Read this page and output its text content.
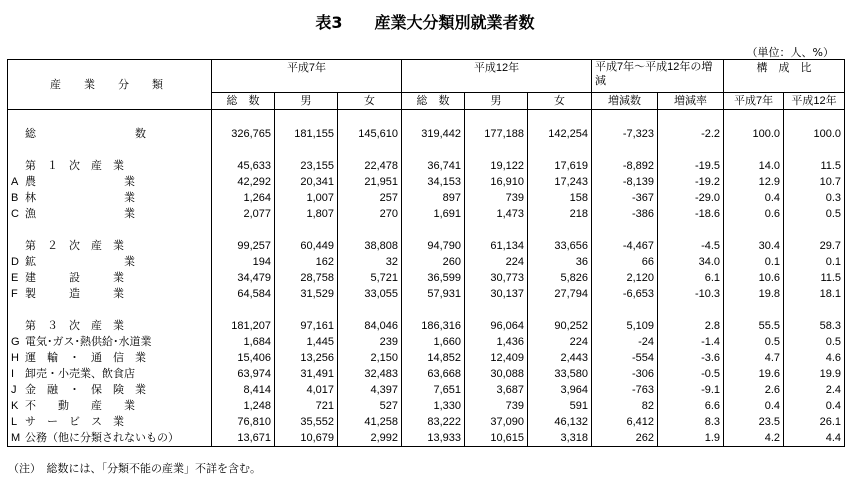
表3　　産業大分類別就業者数
（単位：人、%）
産　業　分　類	平成7年			平成12年			平成7年〜平成12年の増減		構　成　比	
	総　数	男	女	総　数	男	女	増減数	増減率	平成7年	平成12年

総　　　　　　　　　数	326,765	181,155	145,610	319,442	177,188	142,254	-7,323	-2.2	100.0	100.0

第　１　次　産　業	45,633	23,155	22,478	36,741	19,122	17,619	-8,892	-19.5	14.0	11.5
A 農　　　　　　　　業	42,292	20,341	21,951	34,153	16,910	17,243	-8,139	-19.2	12.9	10.7
B 林　　　　　　　　業	1,264	1,007	257	897	739	158	-367	-29.0	0.4	0.3
C 漁　　　　　　　　業	2,077	1,807	270	1,691	1,473	218	-386	-18.6	0.6	0.5

第　２　次　産　業	99,257	60,449	38,808	94,790	61,134	33,656	-4,467	-4.5	30.4	29.7
D 鉱　　　　　　　　業	194	162	32	260	224	36	66	34.0	0.1	0.1
E 建　　　設　　　業	34,479	28,758	5,721	36,599	30,773	5,826	2,120	6.1	10.6	11.5
F 製　　　造　　　業	64,584	31,529	33,055	57,931	30,137	27,794	-6,653	-10.3	19.8	18.1

第　３　次　産　業	181,207	97,161	84,046	186,316	96,064	90,252	5,109	2.8	55.5	58.3
G 電気･ガス･熱供給･水道業	1,684	1,445	239	1,660	1,436	224	-24	-1.4	0.5	0.5
H 運　輸　・　通　信　業	15,406	13,256	2,150	14,852	12,409	2,443	-554	-3.6	4.7	4.6
I 卸売・小売業、飲食店	63,974	31,491	32,483	63,668	30,088	33,580	-306	-0.5	19.6	19.9
J 金　融　・　保　険　業	8,414	4,017	4,397	7,651	3,687	3,964	-763	-9.1	2.6	2.4
K 不　　動　　産　　業	1,248	721	527	1,330	739	591	82	6.6	0.4	0.4
L サ　ー　ビ　ス　業	76,810	35,552	41,258	83,222	37,090	46,132	6,412	8.3	23.5	26.1
M 公務（他に分類されないもの）	13,671	10,679	2,992	13,933	10,615	3,318	262	1.9	4.2	4.4
（注）　総数には、「分類不能の産業」不詳を含む。
